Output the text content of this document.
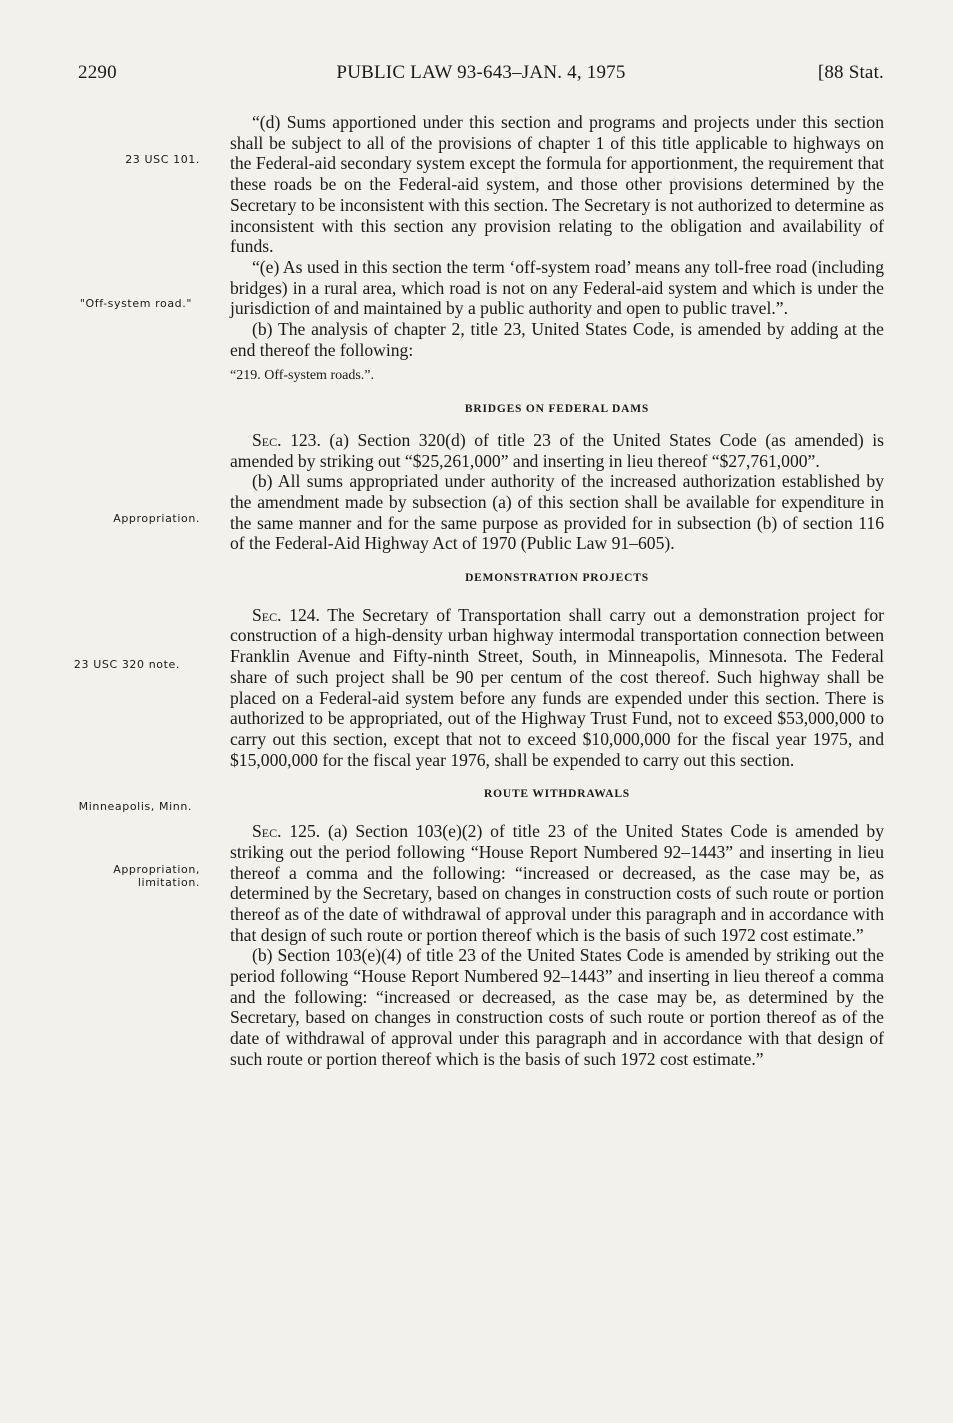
2290	PUBLIC LAW 93-643–JAN. 4, 1975	[88 Stat.
23 USC 101.
"Off-system road."
Appropriation.
23 USC 320 note.
Minneapolis, Minn.
Appropriation, limitation.

“(d) Sums apportioned under this section and programs and projects under this section shall be subject to all of the provisions of chapter 1 of this title applicable to highways on the Federal-aid secondary system except the formula for apportionment, the requirement that these roads be on the Federal-aid system, and those other provisions determined by the Secretary to be inconsistent with this section. The Secretary is not authorized to determine as inconsistent with this section any provision relating to the obligation and availability of funds.

“(e) As used in this section the term ‘off-system road’ means any toll-free road (including bridges) in a rural area, which road is not on any Federal-aid system and which is under the jurisdiction of and maintained by a public authority and open to public travel.”.

(b) The analysis of chapter 2, title 23, United States Code, is amended by adding at the end thereof the following:

“219. Off-system roads.”.

BRIDGES ON FEDERAL DAMS

Sec. 123. (a) Section 320(d) of title 23 of the United States Code (as amended) is amended by striking out “$25,261,000” and inserting in lieu thereof “$27,761,000”.

(b) All sums appropriated under authority of the increased authorization established by the amendment made by subsection (a) of this section shall be available for expenditure in the same manner and for the same purpose as provided for in subsection (b) of section 116 of the Federal-Aid Highway Act of 1970 (Public Law 91–605).

DEMONSTRATION PROJECTS

Sec. 124. The Secretary of Transportation shall carry out a demonstration project for construction of a high-density urban highway intermodal transportation connection between Franklin Avenue and Fifty-ninth Street, South, in Minneapolis, Minnesota. The Federal share of such project shall be 90 per centum of the cost thereof. Such highway shall be placed on a Federal-aid system before any funds are expended under this section. There is authorized to be appropriated, out of the Highway Trust Fund, not to exceed $53,000,000 to carry out this section, except that not to exceed $10,000,000 for the fiscal year 1975, and $15,000,000 for the fiscal year 1976, shall be expended to carry out this section.

ROUTE WITHDRAWALS

Sec. 125. (a) Section 103(e)(2) of title 23 of the United States Code is amended by striking out the period following “House Report Numbered 92–1443” and inserting in lieu thereof a comma and the following: “increased or decreased, as the case may be, as determined by the Secretary, based on changes in construction costs of such route or portion thereof as of the date of withdrawal of approval under this paragraph and in accordance with that design of such route or portion thereof which is the basis of such 1972 cost estimate.”

(b) Section 103(e)(4) of title 23 of the United States Code is amended by striking out the period following “House Report Numbered 92–1443” and inserting in lieu thereof a comma and the following: “increased or decreased, as the case may be, as determined by the Secretary, based on changes in construction costs of such route or portion thereof as of the date of withdrawal of approval under this paragraph and in accordance with that design of such route or portion thereof which is the basis of such 1972 cost estimate.”
